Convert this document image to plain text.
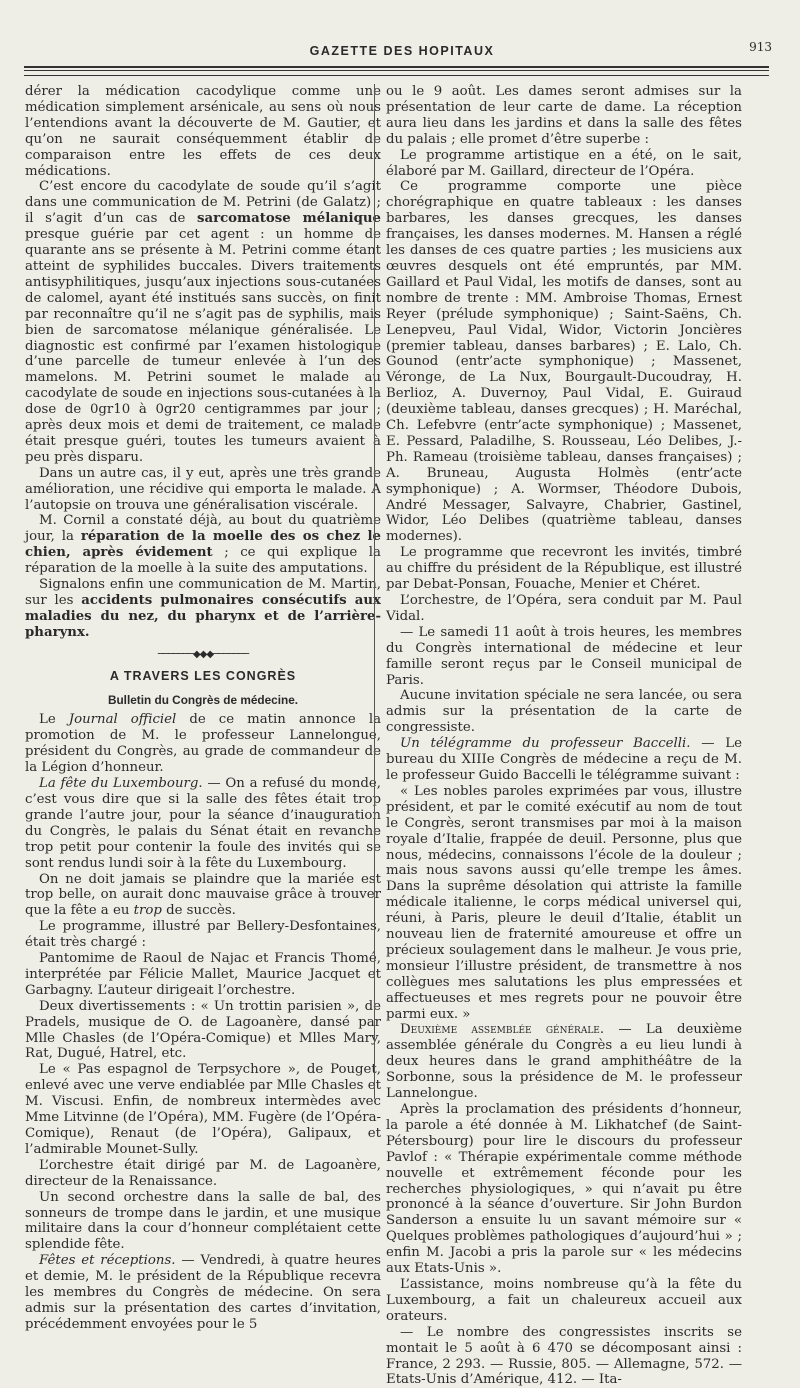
GAZETTE DES HOPITAUX	913

dérer la médication cacodylique comme une médication simplement arsénicale, au sens où nous l’entendions avant la découverte de M. Gautier, et qu’on ne saurait conséquemment établir de comparaison entre les effets de ces deux médications.

C’est encore du cacodylate de soude qu’il s’agit dans une communication de M. Petrini (de Galatz) ; il s’agit d’un cas de sarcomatose mélanique presque guérie par cet agent : un homme de quarante ans se présente à M. Petrini comme étant atteint de syphilides buccales. Divers traitements antisyphilitiques, jusqu’aux injections sous-cutanées de calomel, ayant été institués sans succès, on finit par reconnaître qu’il ne s’agit pas de syphilis, mais bien de sarcomatose mélanique généralisée. Le diagnostic est confirmé par l’examen histologique d’une parcelle de tumeur enlevée à l’un des mamelons. M. Petrini soumet le malade au cacodylate de soude en injections sous-cutanées à la dose de 0gr10 à 0gr20 centigrammes par jour ; après deux mois et demi de traitement, ce malade était presque guéri, toutes les tumeurs avaient à peu près disparu.

Dans un autre cas, il y eut, après une très grande amélioration, une récidive qui emporta le malade. A l’autopsie on trouva une généralisation viscérale.

M. Cornil a constaté déjà, au bout du quatrième jour, la réparation de la moelle des os chez le chien, après évidement ; ce qui explique la réparation de la moelle à la suite des amputations.

Signalons enfin une communication de M. Martin, sur les accidents pulmonaires consécutifs aux maladies du nez, du pharynx et de l’arrière-pharynx.

───────◆◆◆───────
A TRAVERS LES CONGRÈS
Bulletin du Congrès de médecine.

Le Journal officiel de ce matin annonce la promotion de M. le professeur Lannelongue, président du Congrès, au grade de commandeur de la Légion d’honneur.

La fête du Luxembourg. — On a refusé du monde, c’est vous dire que si la salle des fêtes était trop grande l’autre jour, pour la séance d’inauguration du Congrès, le palais du Sénat était en revanche trop petit pour contenir la foule des invités qui se sont rendus lundi soir à la fête du Luxembourg.

On ne doit jamais se plaindre que la mariée est trop belle, on aurait donc mauvaise grâce à trouver que la fête a eu trop de succès.

Le programme, illustré par Bellery-Desfontaines, était très chargé :

Pantomime de Raoul de Najac et Francis Thomé, interprétée par Félicie Mallet, Maurice Jacquet et Garbagny. L’auteur dirigeait l’orchestre.

Deux divertissements : « Un trottin parisien », de Pradels, musique de O. de Lagoanère, dansé par Mlle Chasles (de l’Opéra-Comique) et Mlles Mary, Rat, Dugué, Hatrel, etc.

Le « Pas espagnol de Terpsychore », de Pouget, enlevé avec une verve endiablée par Mlle Chasles et M. Viscusi. Enfin, de nombreux intermèdes avec Mme Litvinne (de l’Opéra), MM. Fugère (de l’Opéra-Comique), Renaut (de l’Opéra), Galipaux, et l’admirable Mounet-Sully.

L’orchestre était dirigé par M. de Lagoanère, directeur de la Renaissance.

Un second orchestre dans la salle de bal, des sonneurs de trompe dans le jardin, et une musique militaire dans la cour d’honneur complétaient cette splendide fête.

Fêtes et réceptions. — Vendredi, à quatre heures et demie, M. le président de la République recevra les membres du Congrès de médecine. On sera admis sur la présentation des cartes d’invitation, précédemment envoyées pour le 5

ou le 9 août. Les dames seront admises sur la présentation de leur carte de dame. La réception aura lieu dans les jardins et dans la salle des fêtes du palais ; elle promet d’être superbe :

Le programme artistique en a été, on le sait, élaboré par M. Gaillard, directeur de l’Opéra.

Ce programme comporte une pièce chorégraphique en quatre tableaux : les danses barbares, les danses grecques, les danses françaises, les danses modernes. M. Hansen a réglé les danses de ces quatre parties ; les musiciens aux œuvres desquels ont été empruntés, par MM. Gaillard et Paul Vidal, les motifs de danses, sont au nombre de trente : MM. Ambroise Thomas, Ernest Reyer (prélude symphonique) ; Saint-Saëns, Ch. Lenepveu, Paul Vidal, Widor, Victorin Joncières (premier tableau, danses barbares) ; E. Lalo, Ch. Gounod (entr’acte symphonique) ; Massenet, Véronge, de La Nux, Bourgault-Ducoudray, H. Berlioz, A. Duvernoy, Paul Vidal, E. Guiraud (deuxième tableau, danses grecques) ; H. Maréchal, Ch. Lefebvre (entr’acte symphonique) ; Massenet, E. Pessard, Paladilhe, S. Rousseau, Léo Delibes, J.-Ph. Rameau (troisième tableau, danses françaises) ; A. Bruneau, Augusta Holmès (entr’acte symphonique) ; A. Wormser, Théodore Dubois, André Messager, Salvayre, Chabrier, Gastinel, Widor, Léo Delibes (quatrième tableau, danses modernes).

Le programme que recevront les invités, timbré au chiffre du président de la République, est illustré par Debat-Ponsan, Fouache, Menier et Chéret.

L’orchestre, de l’Opéra, sera conduit par M. Paul Vidal.

— Le samedi 11 août à trois heures, les membres du Congrès international de médecine et leur famille seront reçus par le Conseil municipal de Paris.

Aucune invitation spéciale ne sera lancée, ou sera admis sur la présentation de la carte de congressiste.

Un télégramme du professeur Baccelli. — Le bureau du XIIIe Congrès de médecine a reçu de M. le professeur Guido Baccelli le télégramme suivant :

« Les nobles paroles exprimées par vous, illustre président, et par le comité exécutif au nom de tout le Congrès, seront transmises par moi à la maison royale d’Italie, frappée de deuil. Personne, plus que nous, médecins, connaissons l’école de la douleur ; mais nous savons aussi qu’elle trempe les âmes. Dans la suprême désolation qui attriste la famille médicale italienne, le corps médical universel qui, réuni, à Paris, pleure le deuil d’Italie, établit un nouveau lien de fraternité amoureuse et offre un précieux soulagement dans le malheur. Je vous prie, monsieur l’illustre président, de transmettre à nos collègues mes salutations les plus empressées et affectueuses et mes regrets pour ne pouvoir être parmi eux. »

Deuxième assemblée générale. — La deuxième assemblée générale du Congrès a eu lieu lundi à deux heures dans le grand amphithéâtre de la Sorbonne, sous la présidence de M. le professeur Lannelongue.

Après la proclamation des présidents d’honneur, la parole a été donnée à M. Likhatchef (de Saint-Pétersbourg) pour lire le discours du professeur Pavlof : « Thérapie expérimentale comme méthode nouvelle et extrêmement féconde pour les recherches physiologiques, » qui n’avait pu être prononcé à la séance d’ouverture. Sir John Burdon Sanderson a ensuite lu un savant mémoire sur « Quelques problèmes pathologiques d’aujourd’hui » ; enfin M. Jacobi a pris la parole sur « les médecins aux Etats-Unis ».

L’assistance, moins nombreuse qu’à la fête du Luxembourg, a fait un chaleureux accueil aux orateurs.

— Le nombre des congressistes inscrits se montait le 5 août à 6 470 se décomposant ainsi : France, 2 293. — Russie, 805. — Allemagne, 572. — Etats-Unis d’Amérique, 412. — Ita-
